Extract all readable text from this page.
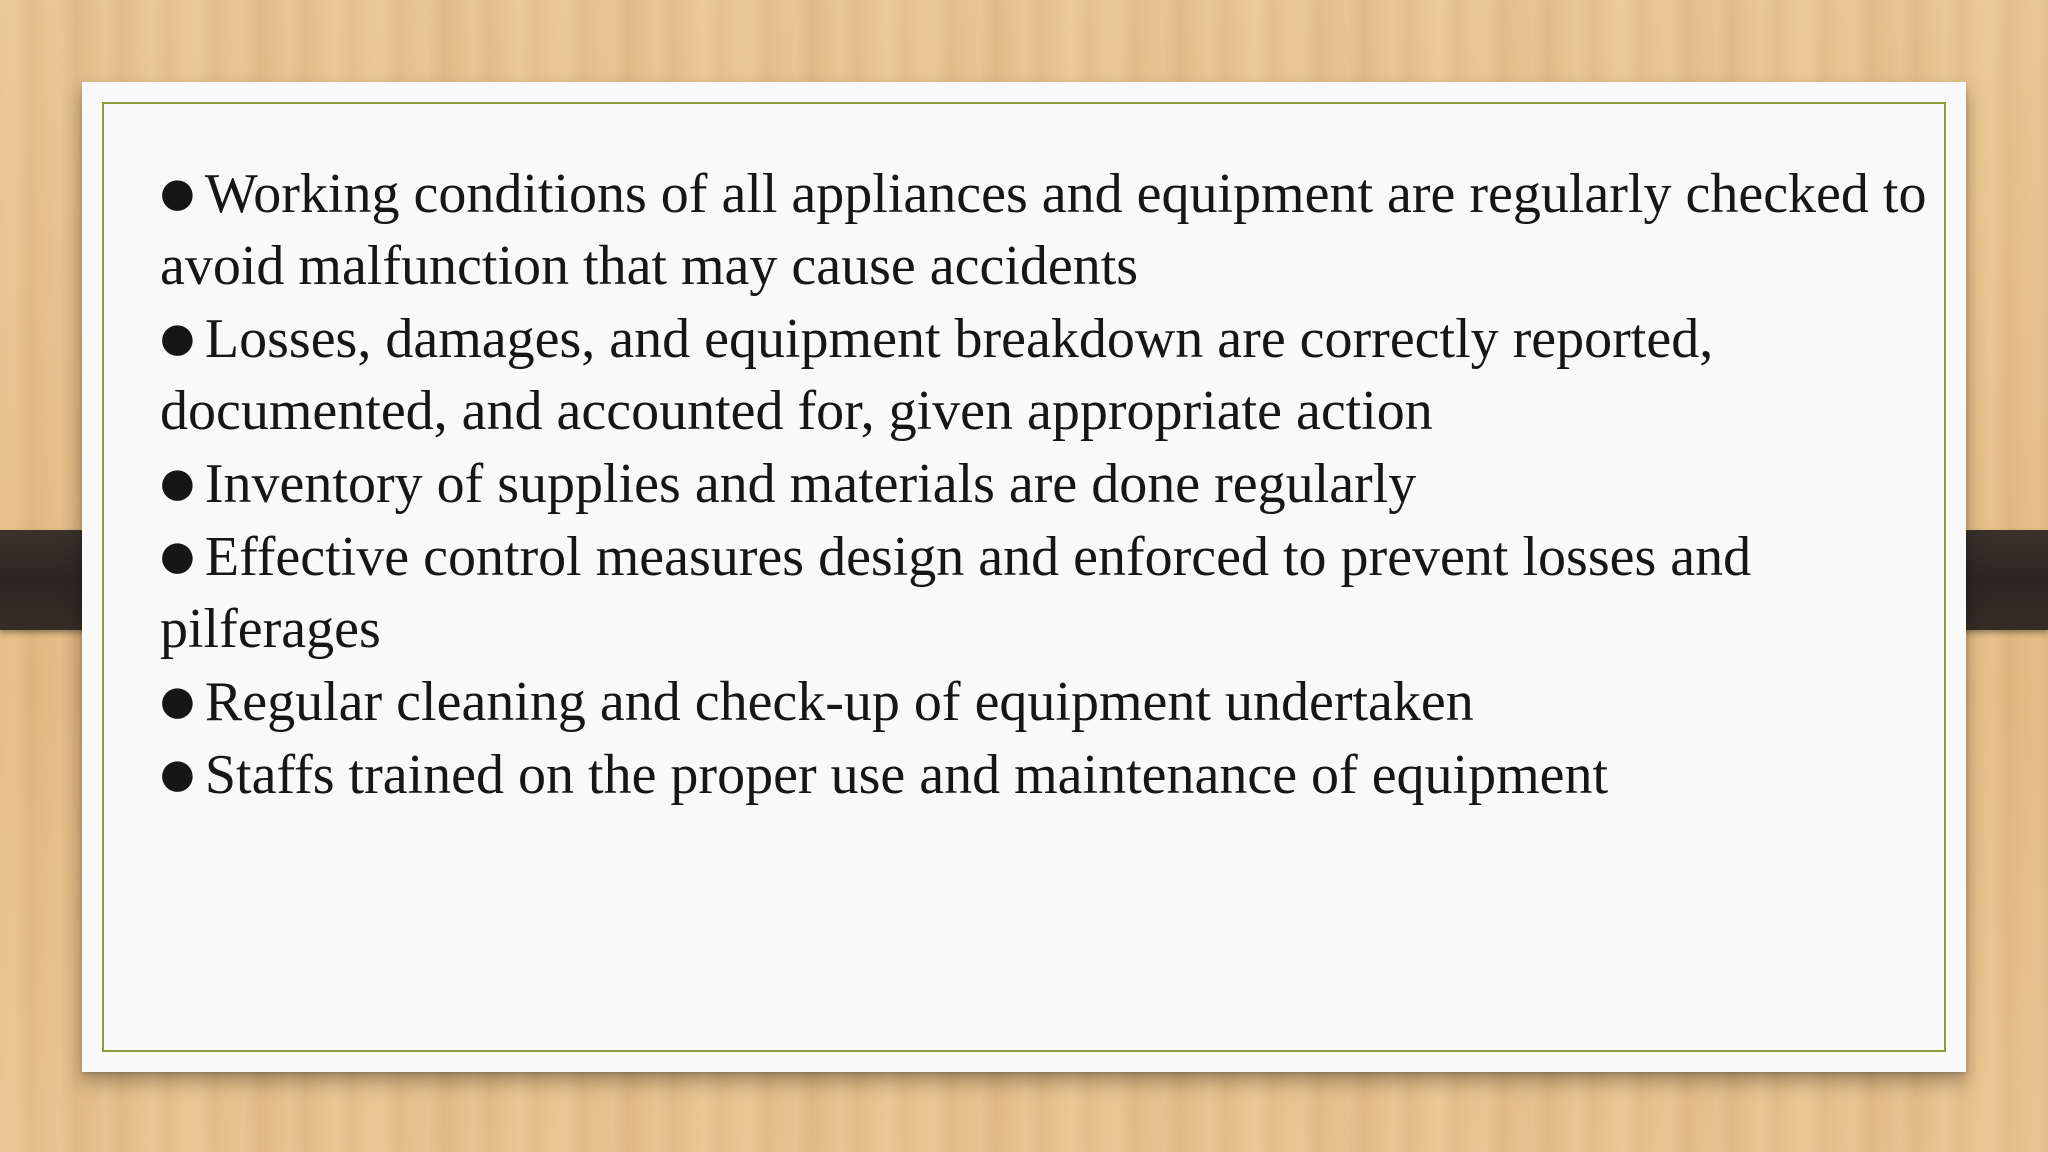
● Working conditions of all appliances and equipment are regularly checked to avoid malfunction that may cause accidents

● Losses, damages, and equipment breakdown are correctly reported, documented, and accounted for, given appropriate action

● Inventory of supplies and materials are done regularly

● Effective control measures design and enforced to prevent losses and pilferages

● Regular cleaning and check-up of equipment undertaken

● Staffs trained on the proper use and maintenance of equipment
